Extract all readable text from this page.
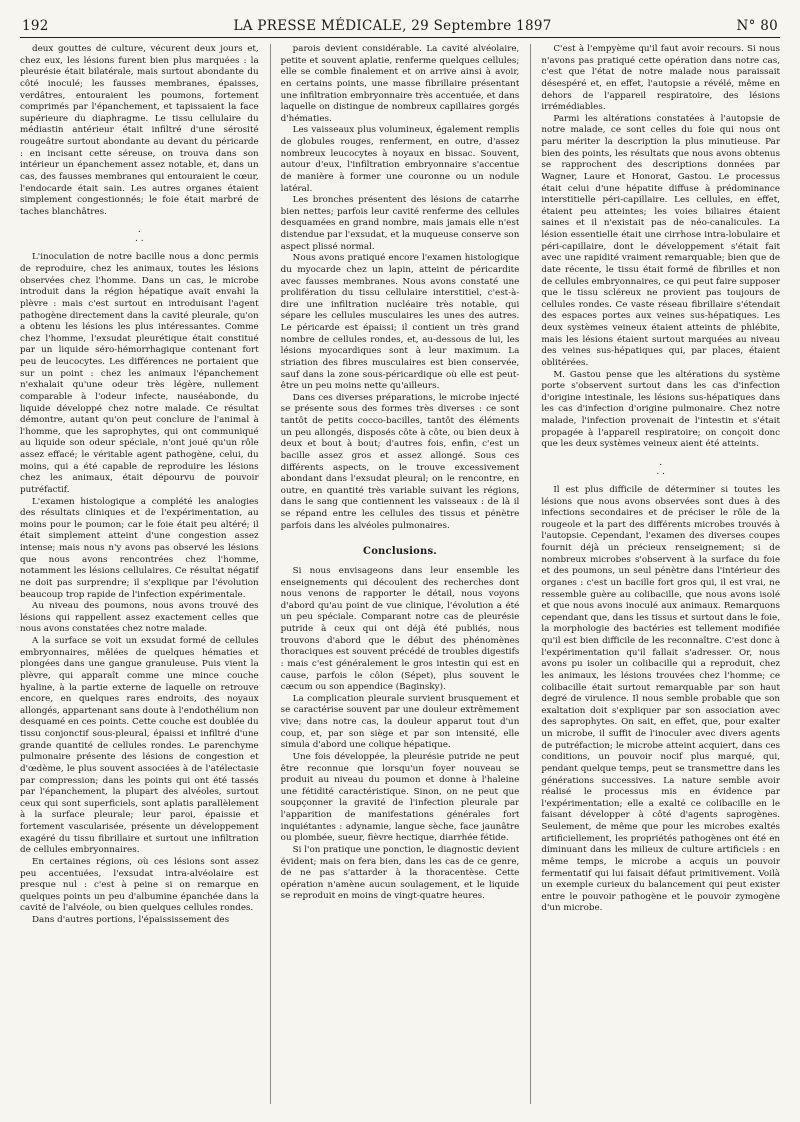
192	LA PRESSE MÉDICALE, 29 Septembre 1897	N° 80

deux gouttes de culture, vécurent deux jours et, chez eux, les lésions furent bien plus marquées : la pleurésie était bilatérale, mais surtout abondante du côté inoculé; les fausses membranes, épaisses, verdâtres, entouraient les poumons, fortement comprimés par l'épanchement, et tapissaient la face supérieure du diaphragme. Le tissu cellulaire du médiastin antérieur était infiltré d'une sérosité rougeâtre surtout abondante au devant du péricarde : en incisant cette séreuse, on trouva dans son intérieur un épanchement assez notable, et, dans un cas, des fausses membranes qui entouraient le cœur, l'endocarde était sain. Les autres organes étaient simplement congestionnés; le foie était marbré de taches blanchâtres.

.
. .

L'inoculation de notre bacille nous a donc permis de reproduire, chez les animaux, toutes les lésions observées chez l'homme. Dans un cas, le microbe introduit dans la région hépatique avait envahi la plèvre : mais c'est surtout en introduisant l'agent pathogène directement dans la cavité pleurale, qu'on a obtenu les lésions les plus intéressantes. Comme chez l'homme, l'exsudat pleurétique était constitué par un liquide séro-hémorrhagique contenant fort peu de leucocytes. Les différences ne portaient que sur un point : chez les animaux l'épanchement n'exhalait qu'une odeur très légère, nullement comparable à l'odeur infecte, nauséabonde, du liquide développé chez notre malade. Ce résultat démontre, autant qu'on peut conclure de l'animal à l'homme, que les saprophytes, qui ont communiqué au liquide son odeur spéciale, n'ont joué qu'un rôle assez effacé; le véritable agent pathogène, celui, du moins, qui a été capable de reproduire les lésions chez les animaux, était dépourvu de pouvoir putréfactif.

L'examen histologique a complété les analogies des résultats cliniques et de l'expérimentation, au moins pour le poumon; car le foie était peu altéré; il était simplement atteint d'une congestion assez intense; mais nous n'y avons pas observé les lésions que nous avons rencontrées chez l'homme, notamment les lésions cellulaires. Ce résultat négatif ne doit pas surprendre; il s'explique par l'évolution beaucoup trop rapide de l'infection expérimentale.

Au niveau des poumons, nous avons trouvé des lésions qui rappellent assez exactement celles que nous avons constatées chez notre malade.

A la surface se voit un exsudat formé de cellules embryonnaires, mêlées de quelques hématies et plongées dans une gangue granuleuse. Puis vient la plèvre, qui apparaît comme une mince couche hyaline, à la partie externe de laquelle on retrouve encore, en quelques rares endroits, des noyaux allongés, appartenant sans doute à l'endothélium non desquamé en ces points. Cette couche est doublée du tissu conjonctif sous-pleural, épaissi et infiltré d'une grande quantité de cellules rondes. Le parenchyme pulmonaire présente des lésions de congestion et d'œdème, le plus souvent associées à de l'atélectasie par compression; dans les points qui ont été tassés par l'épanchement, la plupart des alvéoles, surtout ceux qui sont superficiels, sont aplatis parallèlement à la surface pleurale; leur paroi, épaissie et fortement vascularisée, présente un développement exagéré du tissu fibrillaire et surtout une infiltration de cellules embryonnaires.

En certaines régions, où ces lésions sont assez peu accentuées, l'exsudat intra-alvéolaire est presque nul : c'est à peine si on remarque en quelques points un peu d'albumine épanchée dans la cavité de l'alvéole, ou bien quelques cellules rondes.

Dans d'autres portions, l'épaississement des

parois devient considérable. La cavité alvéolaire, petite et souvent aplatie, renferme quelques cellules; elle se comble finalement et on arrive ainsi à avoir, en certains points, une masse fibrillaire présentant une infiltration embryonnaire très accentuée, et dans laquelle on distingue de nombreux capillaires gorgés d'hématies.

Les vaisseaux plus volumineux, également remplis de globules rouges, renferment, en outre, d'assez nombreux leucocytes à noyaux en bissac. Souvent, autour d'eux, l'infiltration embryonnaire s'accentue de manière à former une couronne ou un nodule latéral.

Les bronches présentent des lésions de catarrhe bien nettes; parfois leur cavité renferme des cellules desquamées en grand nombre, mais jamais elle n'est distendue par l'exsudat, et la muqueuse conserve son aspect plissé normal.

Nous avons pratiqué encore l'examen histologique du myocarde chez un lapin, atteint de péricardite avec fausses membranes. Nous avons constaté une prolifération du tissu cellulaire interstitiel, c'est-à-dire une infiltration nucléaire très notable, qui sépare les cellules musculaires les unes des autres. Le péricarde est épaissi; il contient un très grand nombre de cellules rondes, et, au-dessous de lui, les lésions myocardiques sont à leur maximum. La striation des fibres musculaires est bien conservée, sauf dans la zone sous-péricardique où elle est peut-être un peu moins nette qu'ailleurs.

Dans ces diverses préparations, le microbe injecté se présente sous des formes très diverses : ce sont tantôt de petits cocco-bacilles, tantôt des éléments un peu allongés, disposés côte à côte, ou bien deux à deux et bout à bout; d'autres fois, enfin, c'est un bacille assez gros et assez allongé. Sous ces différents aspects, on le trouve excessivement abondant dans l'exsudat pleural; on le rencontre, en outre, en quantité très variable suivant les régions, dans le sang que contiennent les vaisseaux : de là il se répand entre les cellules des tissus et pénètre parfois dans les alvéoles pulmonaires.

Conclusions.

Si nous envisageons dans leur ensemble les enseignements qui découlent des recherches dont nous venons de rapporter le détail, nous voyons d'abord qu'au point de vue clinique, l'évolution a été un peu spéciale. Comparant notre cas de pleurésie putride à ceux qui ont déjà été publiés, nous trouvons d'abord que le début des phénomènes thoraciques est souvent précédé de troubles digestifs : mais c'est généralement le gros intestin qui est en cause, parfois le côlon (Sépet), plus souvent le cæcum ou son appendice (Baginsky).

La complication pleurale survient brusquement et se caractérise souvent par une douleur extrêmement vive; dans notre cas, la douleur apparut tout d'un coup, et, par son siège et par son intensité, elle simula d'abord une colique hépatique.

Une fois développée, la pleurésie putride ne peut être reconnue que lorsqu'un foyer nouveau se produit au niveau du poumon et donne à l'haleine une fétidité caractéristique. Sinon, on ne peut que soupçonner la gravité de l'infection pleurale par l'apparition de manifestations générales fort inquiétantes : adynamie, langue sèche, face jaunâtre ou plombée, sueur, fièvre hectique, diarrhée fétide.

Si l'on pratique une ponction, le diagnostic devient évident; mais on fera bien, dans les cas de ce genre, de ne pas s'attarder à la thoracentèse. Cette opération n'amène aucun soulagement, et le liquide se reproduit en moins de vingt-quatre heures.

C'est à l'empyème qu'il faut avoir recours. Si nous n'avons pas pratiqué cette opération dans notre cas, c'est que l'état de notre malade nous paraissait désespéré et, en effet, l'autopsie a révélé, même en dehors de l'appareil respiratoire, des lésions irrémédiables.

Parmi les altérations constatées à l'autopsie de notre malade, ce sont celles du foie qui nous ont paru mériter la description la plus minutieuse. Par bien des points, les résultats que nous avons obtenus se rapprochent des descriptions données par Wagner, Laure et Honorat, Gastou. Le processus était celui d'une hépatite diffuse à prédominance interstitielle péri-capillaire. Les cellules, en effet, étaient peu atteintes; les voies biliaires étaient saines et il n'existait pas de néo-canalicules. La lésion essentielle était une cirrhose intra-lobulaire et péri-capillaire, dont le développement s'était fait avec une rapidité vraiment remarquable; bien que de date récente, le tissu était formé de fibrilles et non de cellules embryonnaires, ce qui peut faire supposer que le tissu scléreux ne provient pas toujours de cellules rondes. Ce vaste réseau fibrillaire s'étendait des espaces portes aux veines sus-hépatiques. Les deux systèmes veineux étaient atteints de phlébite, mais les lésions étaient surtout marquées au niveau des veines sus-hépatiques qui, par places, étaient oblitérées.

M. Gastou pense que les altérations du système porte s'observent surtout dans les cas d'infection d'origine intestinale, les lésions sus-hépatiques dans les cas d'infection d'origine pulmonaire. Chez notre malade, l'infection provenait de l'intestin et s'était propagée à l'appareil respiratoire; on conçoit donc que les deux systèmes veineux aient été atteints.

.
. .

Il est plus difficile de déterminer si toutes les lésions que nous avons observées sont dues à des infections secondaires et de préciser le rôle de la rougeole et la part des différents microbes trouvés à l'autopsie. Cependant, l'examen des diverses coupes fournit déjà un précieux renseignement; si de nombreux microbes s'observent à la surface du foie et des poumons, un seul pénètre dans l'intérieur des organes : c'est un bacille fort gros qui, il est vrai, ne ressemble guère au colibacille, que nous avons isolé et que nous avons inoculé aux animaux. Remarquons cependant que, dans les tissus et surtout dans le foie, la morphologie des bactéries est tellement modifiée qu'il est bien difficile de les reconnaître. C'est donc à l'expérimentation qu'il fallait s'adresser. Or, nous avons pu isoler un colibacille qui a reproduit, chez les animaux, les lésions trouvées chez l'homme; ce colibacille était surtout remarquable par son haut degré de virulence. Il nous semble probable que son exaltation doit s'expliquer par son association avec des saprophytes. On sait, en effet, que, pour exalter un microbe, il suffit de l'inoculer avec divers agents de putréfaction; le microbe atteint acquiert, dans ces conditions, un pouvoir nocif plus marqué, qui, pendant quelque temps, peut se transmettre dans les générations successives. La nature semble avoir réalisé le processus mis en évidence par l'expérimentation; elle a exalté ce colibacille en le faisant développer à côté d'agents saprogènes. Seulement, de même que pour les microbes exaltés artificiellement, les propriétés pathogènes ont été en diminuant dans les milieux de culture artificiels : en même temps, le microbe a acquis un pouvoir fermentatif qui lui faisait défaut primitivement. Voilà un exemple curieux du balancement qui peut exister entre le pouvoir pathogène et le pouvoir zymogène d'un microbe.
